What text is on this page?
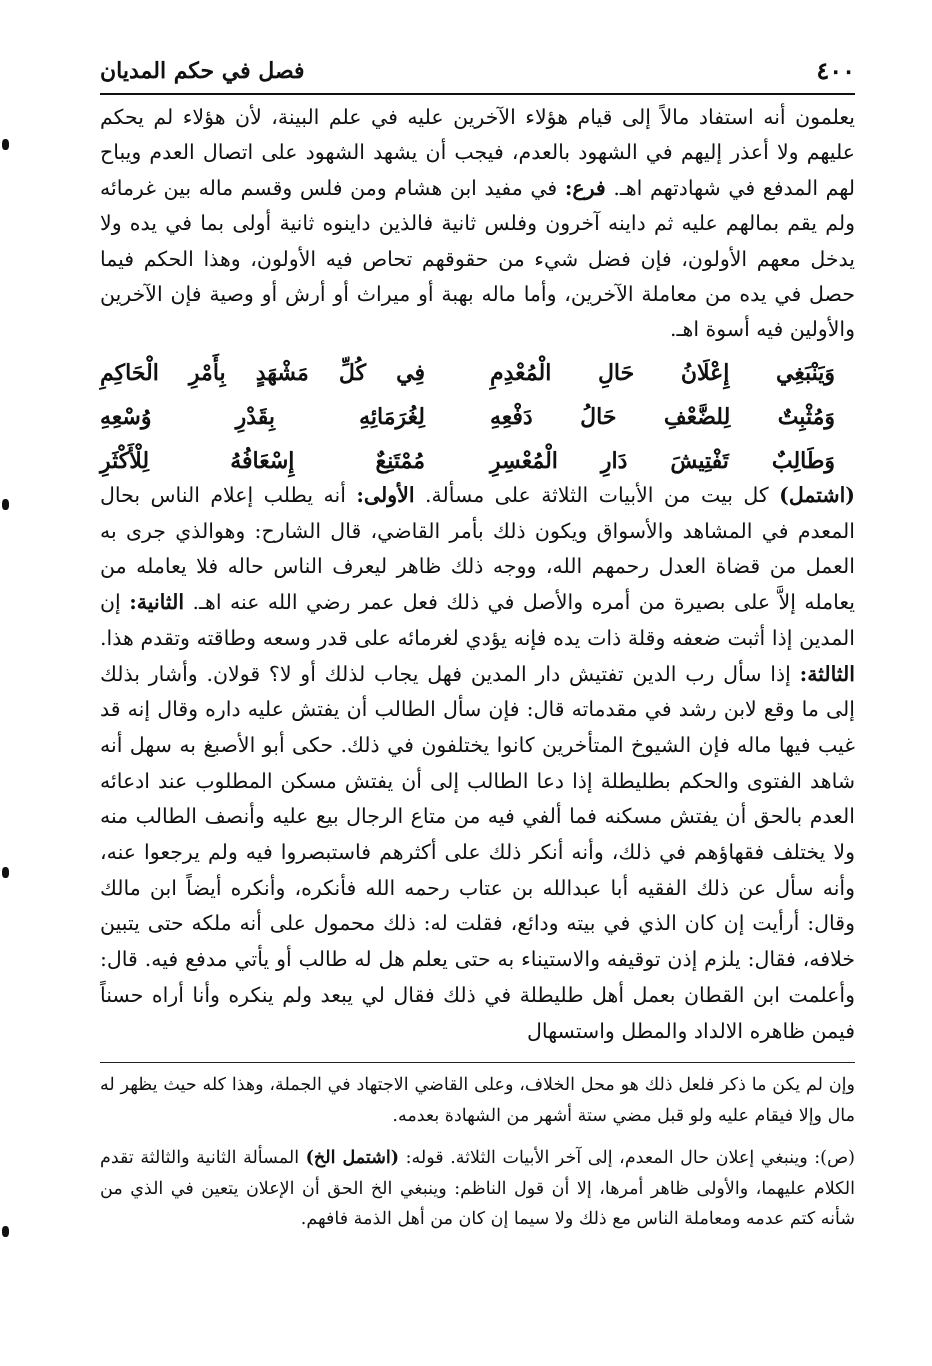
٤٠٠
فصل في حكم المديان

يعلمون أنه استفاد مالاً إلى قيام هؤلاء الآخرين عليه في علم البينة، لأن هؤلاء لم يحكم عليهم ولا أعذر إليهم في الشهود بالعدم، فيجب أن يشهد الشهود على اتصال العدم ويباح لهم المدفع في شهادتهم اهـ. فرع: في مفيد ابن هشام ومن فلس وقسم ماله بين غرمائه ولم يقم بمالهم عليه ثم داينه آخرون وفلس ثانية فالذين داينوه ثانية أولى بما في يده ولا يدخل معهم الأولون، فإن فضل شيء من حقوقهم تحاص فيه الأولون، وهذا الحكم فيما حصل في يده من معاملة الآخرين، وأما ماله بهبة أو ميراث أو أرش أو وصية فإن الآخرين والأولين فيه أسوة اهـ.

وَيَنْبَغِي إِعْلَانُ حَالِ الْمُعْدِمِ
فِي كُلِّ مَشْهَدٍ بِأَمْرِ الْحَاكِمِ
وَمُثْبِتٌ لِلضَّعْفِ حَالُ دَفْعِهِ
لِغُرَمَائِهِ بِقَدْرِ وُسْعِهِ
وَطَالِبٌ تَفْتِيشَ دَارِ الْمُعْسِرِ
مُمْتَنِعٌ إِسْعَافُهُ لِلْأَكْثَرِ

(اشتمل) كل بيت من الأبيات الثلاثة على مسألة. الأولى: أنه يطلب إعلام الناس بحال المعدم في المشاهد والأسواق ويكون ذلك بأمر القاضي، قال الشارح: وهوالذي جرى به العمل من قضاة العدل رحمهم الله، ووجه ذلك ظاهر ليعرف الناس حاله فلا يعامله من يعامله إلاَّ على بصيرة من أمره والأصل في ذلك فعل عمر رضي الله عنه اهـ. الثانية: إن المدين إذا أثبت ضعفه وقلة ذات يده فإنه يؤدي لغرمائه على قدر وسعه وطاقته وتقدم هذا. الثالثة: إذا سأل رب الدين تفتيش دار المدين فهل يجاب لذلك أو لا؟ قولان. وأشار بذلك إلى ما وقع لابن رشد في مقدماته قال: فإن سأل الطالب أن يفتش عليه داره وقال إنه قد غيب فيها ماله فإن الشيوخ المتأخرين كانوا يختلفون في ذلك. حكى أبو الأصبغ به سهل أنه شاهد الفتوى والحكم بطليطلة إذا دعا الطالب إلى أن يفتش مسكن المطلوب عند ادعائه العدم بالحق أن يفتش مسكنه فما ألفي فيه من متاع الرجال بيع عليه وأنصف الطالب منه ولا يختلف فقهاؤهم في ذلك، وأنه أنكر ذلك على أكثرهم فاستبصروا فيه ولم يرجعوا عنه، وأنه سأل عن ذلك الفقيه أبا عبدالله بن عتاب رحمه الله فأنكره، وأنكره أيضاً ابن مالك وقال: أرأيت إن كان الذي في بيته ودائع، فقلت له: ذلك محمول على أنه ملكه حتى يتبين خلافه، فقال: يلزم إذن توقيفه والاستيناء به حتى يعلم هل له طالب أو يأتي مدفع فيه. قال: وأعلمت ابن القطان بعمل أهل طليطلة في ذلك فقال لي يبعد ولم ينكره وأنا أراه حسناً فيمن ظاهره الالداد والمطل واستسهال

وإن لم يكن ما ذكر فلعل ذلك هو محل الخلاف، وعلى القاضي الاجتهاد في الجملة، وهذا كله حيث يظهر له مال وإلا فيقام عليه ولو قبل مضي ستة أشهر من الشهادة بعدمه.

(ص): وينبغي إعلان حال المعدم، إلى آخر الأبيات الثلاثة. قوله: (اشتمل الخ) المسألة الثانية والثالثة تقدم الكلام عليهما، والأولى ظاهر أمرها، إلا أن قول الناظم: وينبغي الخ الحق أن الإعلان يتعين في الذي من شأنه كتم عدمه ومعاملة الناس مع ذلك ولا سيما إن كان من أهل الذمة فافهم.
